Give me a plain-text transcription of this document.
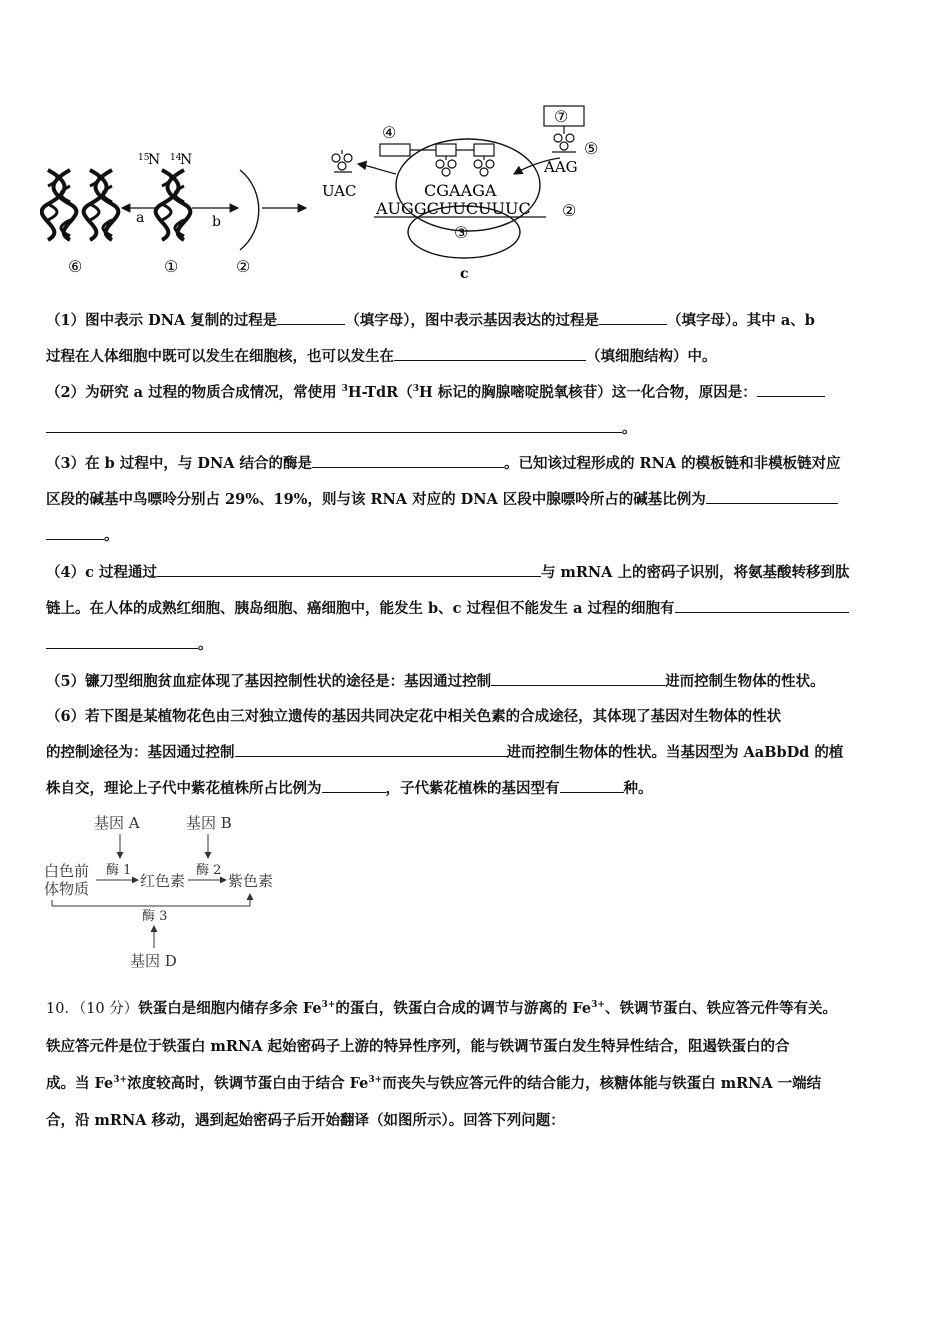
15
N 14
N
a	b
⑥	①	②
AUGGCUUCUUUC ②
③
c
CGAAGA
④
UAC
⑦
⑤
AAG
（1）图中表示 DNA 复制的过程是	（填字母），图中表示基因表达的过程是	（填字母）。其中 a、b
过程在人体细胞中既可以发生在细胞核，也可以发生在	（填细胞结构）中。
（2）为研究 a 过程的物质合成情况，常使用 $^3$H-TdR（$^3$H 标记的胸腺嘧啶脱氧核苷）这一化合物，原因是：
。
（3）在 b 过程中，与 DNA 结合的酶是	。已知该过程形成的 RNA 的模板链和非模板链对应
区段的碱基中鸟嘌呤分别占 29%、19%，则与该 RNA 对应的 DNA 区段中腺嘌呤所占的碱基比例为
。
（4）c 过程通过	与 mRNA 上的密码子识别，将氨基酸转移到肽
链上。在人体的成熟红细胞、胰岛细胞、癌细胞中，能发生 b、c 过程但不能发生 a 过程的细胞有
。
（5）镰刀型细胞贫血症体现了基因控制性状的途径是：基因通过控制	进而控制生物体的性状。
（6）若下图是某植物花色由三对独立遗传的基因共同决定花中相关色素的合成途径，其体现了基因对生物体的性状
的控制途径为：基因通过控制	进而控制生物体的性状。当基因型为 AaBbDd 的植
株自交，理论上子代中紫花植株所占比例为	，子代紫花植株的基因型有	种。
基因 A	基因 B
白色前
体物质
酶 1
红色素
酶 2
紫色素
酶 3
基因 D
10．（10 分）铁蛋白是细胞内储存多余 $Fe^{3+}$的蛋白，铁蛋白合成的调节与游离的 $Fe^{3+}$、铁调节蛋白、铁应答元件等有关。
铁应答元件是位于铁蛋白 mRNA 起始密码子上游的特异性序列，能与铁调节蛋白发生特异性结合，阻遏铁蛋白的合
成。当 $Fe^{3+}$浓度较高时，铁调节蛋白由于结合 $Fe^{3+}$而丧失与铁应答元件的结合能力，核糖体能与铁蛋白 mRNA 一端结
合，沿 mRNA 移动，遇到起始密码子后开始翻译（如图所示）。回答下列问题：
